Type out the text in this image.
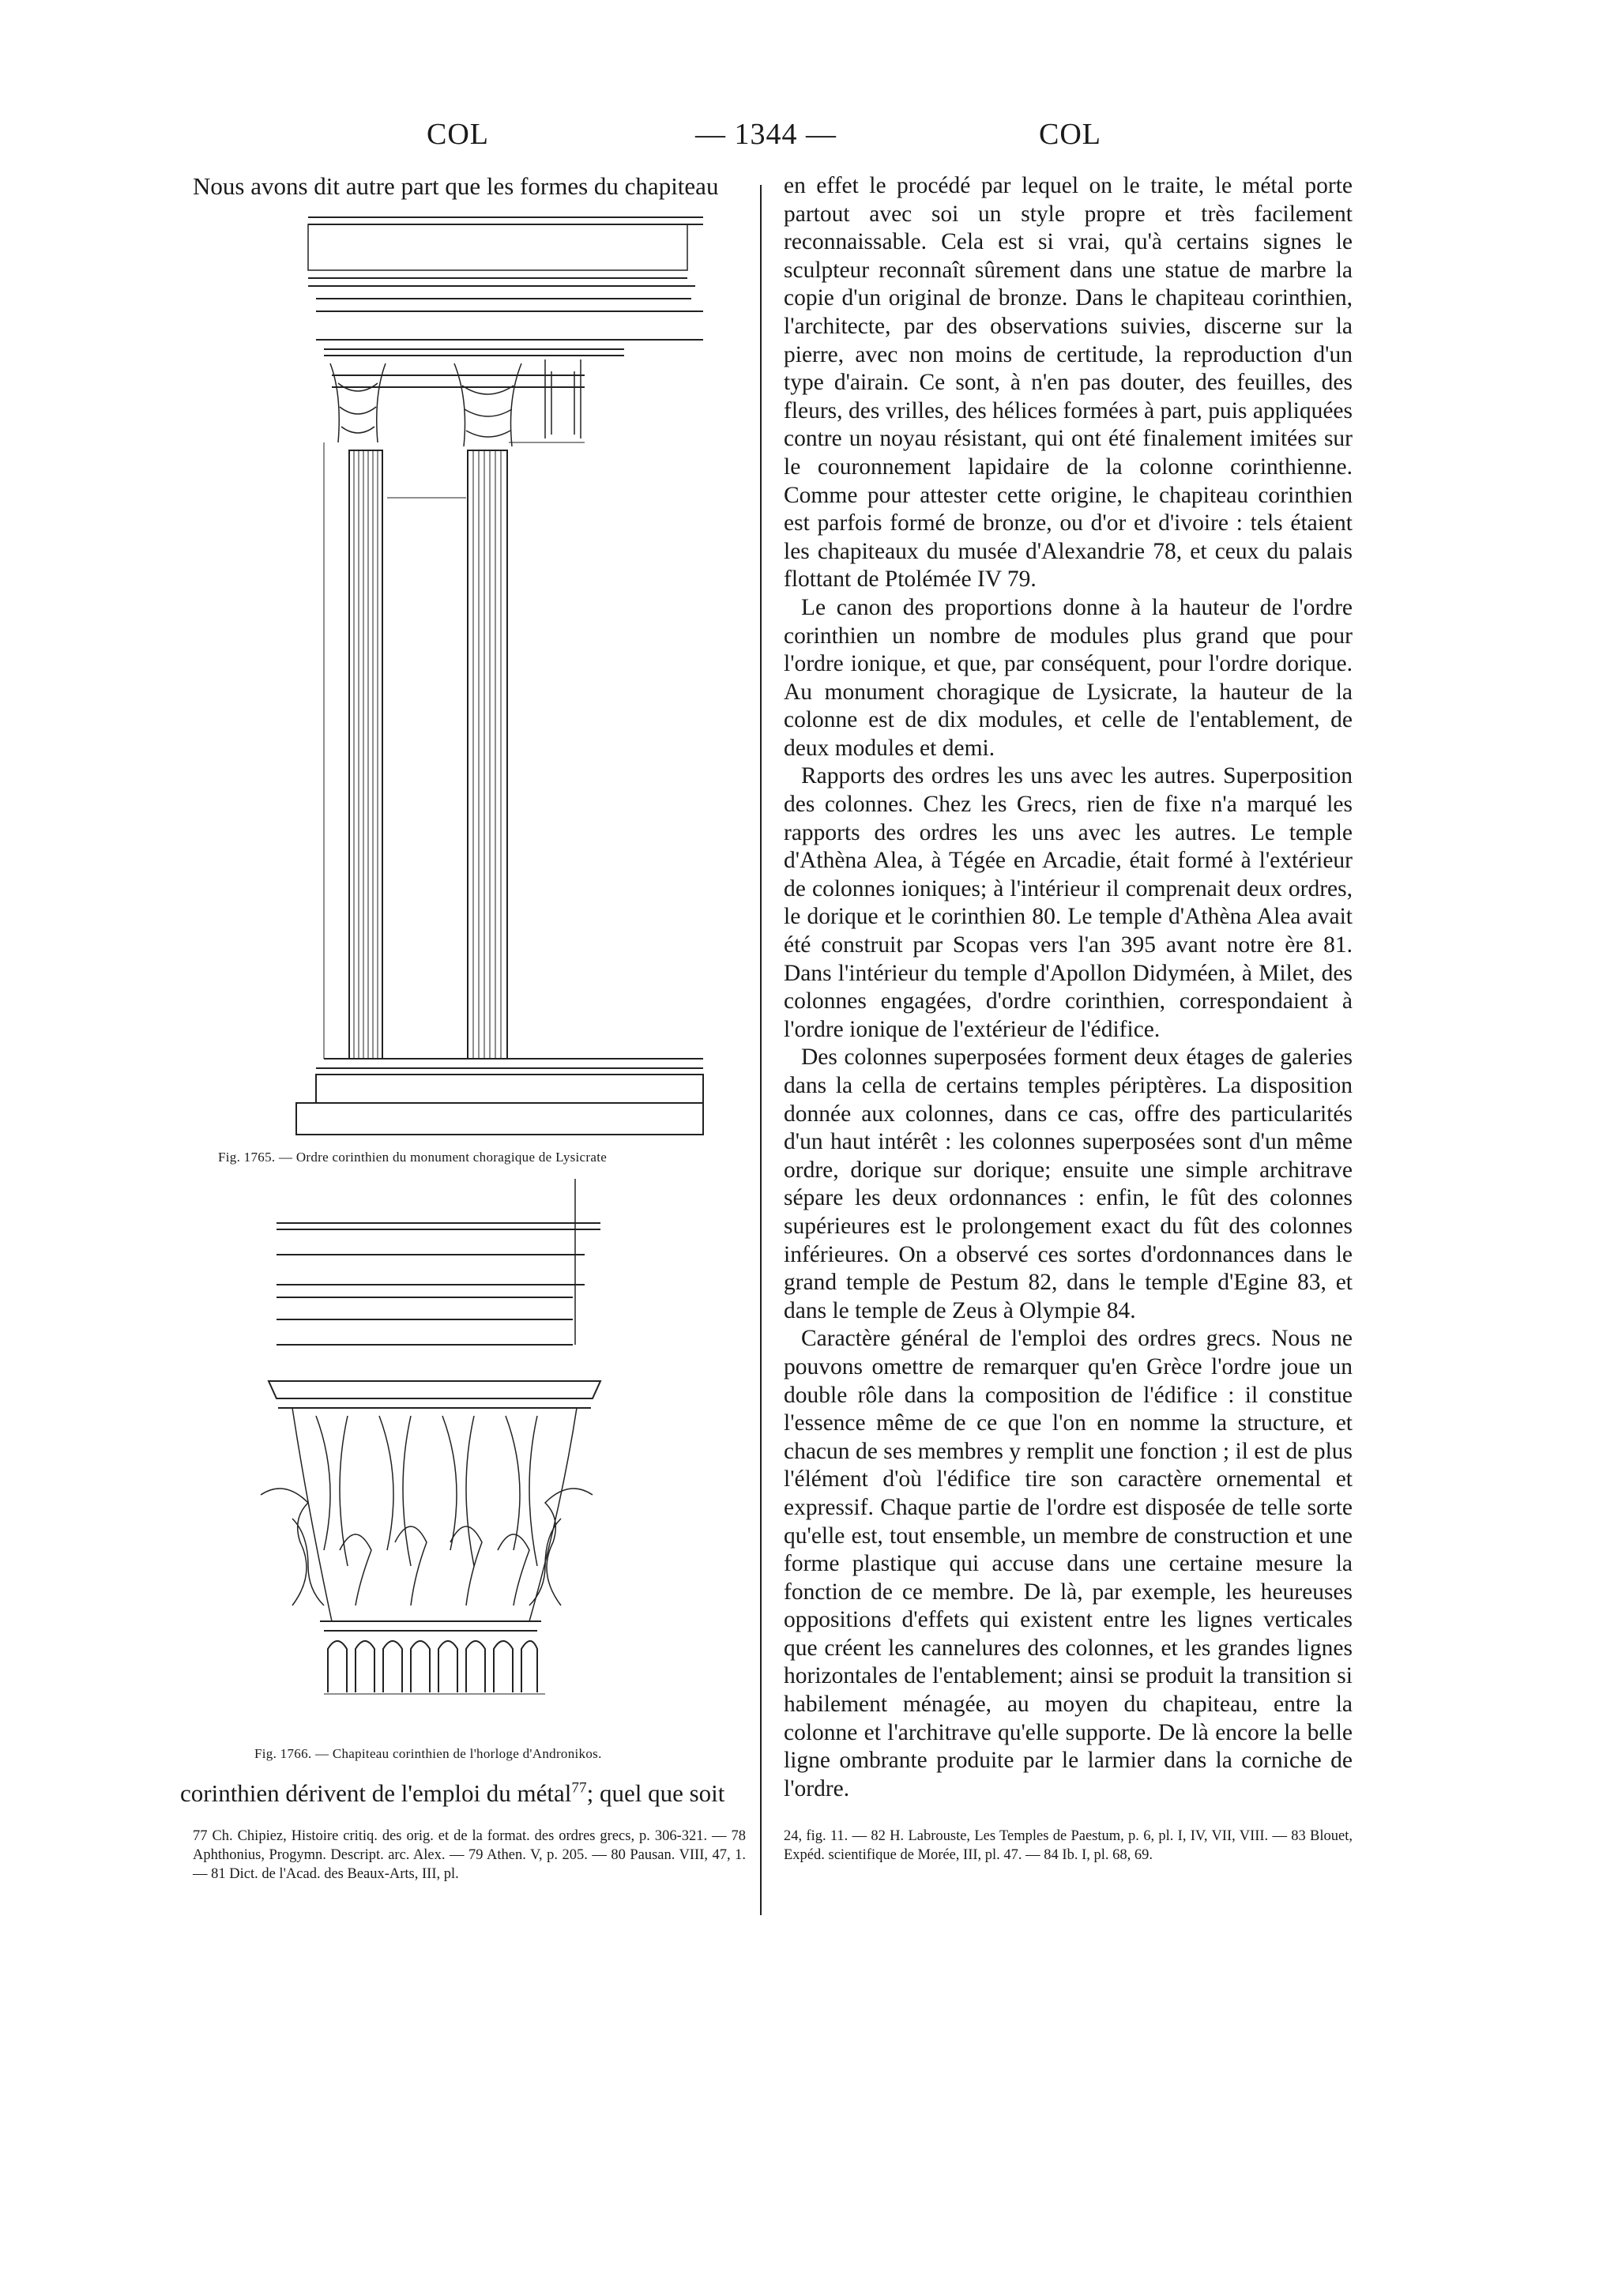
COL	— 1344 —	COL
Nous avons dit autre part que les formes du chapiteau
Fig. 1765. — Ordre corinthien du monument choragique de Lysicrate
Fig. 1766. — Chapiteau corinthien de l'horloge d'Andronikos.
corinthien dérivent de l'emploi du métal$^{77}$; quel que soit

77 Ch. Chipiez, Histoire critiq. des orig. et de la format. des ordres grecs, p. 306-321. — 78 Aphthonius, Progymn. Descript. arc. Alex. — 79 Athen. V, p. 205. — 80 Pausan. VIII, 47, 1. — 81 Dict. de l'Acad. des Beaux-Arts, III, pl.

en effet le procédé par lequel on le traite, le métal porte partout avec soi un style propre et très facilement reconnaissable. Cela est si vrai, qu'à certains signes le sculpteur reconnaît sûrement dans une statue de marbre la copie d'un original de bronze. Dans le chapiteau corinthien, l'architecte, par des observations suivies, discerne sur la pierre, avec non moins de certitude, la reproduction d'un type d'airain. Ce sont, à n'en pas douter, des feuilles, des fleurs, des vrilles, des hélices formées à part, puis appliquées contre un noyau résistant, qui ont été finalement imitées sur le couronnement lapidaire de la colonne corinthienne. Comme pour attester cette origine, le chapiteau corinthien est parfois formé de bronze, ou d'or et d'ivoire : tels étaient les chapiteaux du musée d'Alexandrie 78, et ceux du palais flottant de Ptolémée IV 79.

Le canon des proportions donne à la hauteur de l'ordre corinthien un nombre de modules plus grand que pour l'ordre ionique, et que, par conséquent, pour l'ordre dorique. Au monument choragique de Lysicrate, la hauteur de la colonne est de dix modules, et celle de l'entablement, de deux modules et demi.

Rapports des ordres les uns avec les autres. Superposition des colonnes. Chez les Grecs, rien de fixe n'a marqué les rapports des ordres les uns avec les autres. Le temple d'Athèna Alea, à Tégée en Arcadie, était formé à l'extérieur de colonnes ioniques; à l'intérieur il comprenait deux ordres, le dorique et le corinthien 80. Le temple d'Athèna Alea avait été construit par Scopas vers l'an 395 avant notre ère 81. Dans l'intérieur du temple d'Apollon Didyméen, à Milet, des colonnes engagées, d'ordre corinthien, correspondaient à l'ordre ionique de l'extérieur de l'édifice.

Des colonnes superposées forment deux étages de galeries dans la cella de certains temples périptères. La disposition donnée aux colonnes, dans ce cas, offre des particularités d'un haut intérêt : les colonnes superposées sont d'un même ordre, dorique sur dorique; ensuite une simple architrave sépare les deux ordonnances : enfin, le fût des colonnes supérieures est le prolongement exact du fût des colonnes inférieures. On a observé ces sortes d'ordonnances dans le grand temple de Pestum 82, dans le temple d'Egine 83, et dans le temple de Zeus à Olympie 84.

Caractère général de l'emploi des ordres grecs. Nous ne pouvons omettre de remarquer qu'en Grèce l'ordre joue un double rôle dans la composition de l'édifice : il constitue l'essence même de ce que l'on en nomme la structure, et chacun de ses membres y remplit une fonction ; il est de plus l'élément d'où l'édifice tire son caractère ornemental et expressif. Chaque partie de l'ordre est disposée de telle sorte qu'elle est, tout ensemble, un membre de construction et une forme plastique qui accuse dans une certaine mesure la fonction de ce membre. De là, par exemple, les heureuses oppositions d'effets qui existent entre les lignes verticales que créent les cannelures des colonnes, et les grandes lignes horizontales de l'entablement; ainsi se produit la transition si habilement ménagée, au moyen du chapiteau, entre la colonne et l'architrave qu'elle supporte. De là encore la belle ligne ombrante produite par le larmier dans la corniche de l'ordre.

24, fig. 11. — 82 H. Labrouste, Les Temples de Paestum, p. 6, pl. I, IV, VII, VIII. — 83 Blouet, Expéd. scientifique de Morée, III, pl. 47. — 84 Ib. I, pl. 68, 69.
